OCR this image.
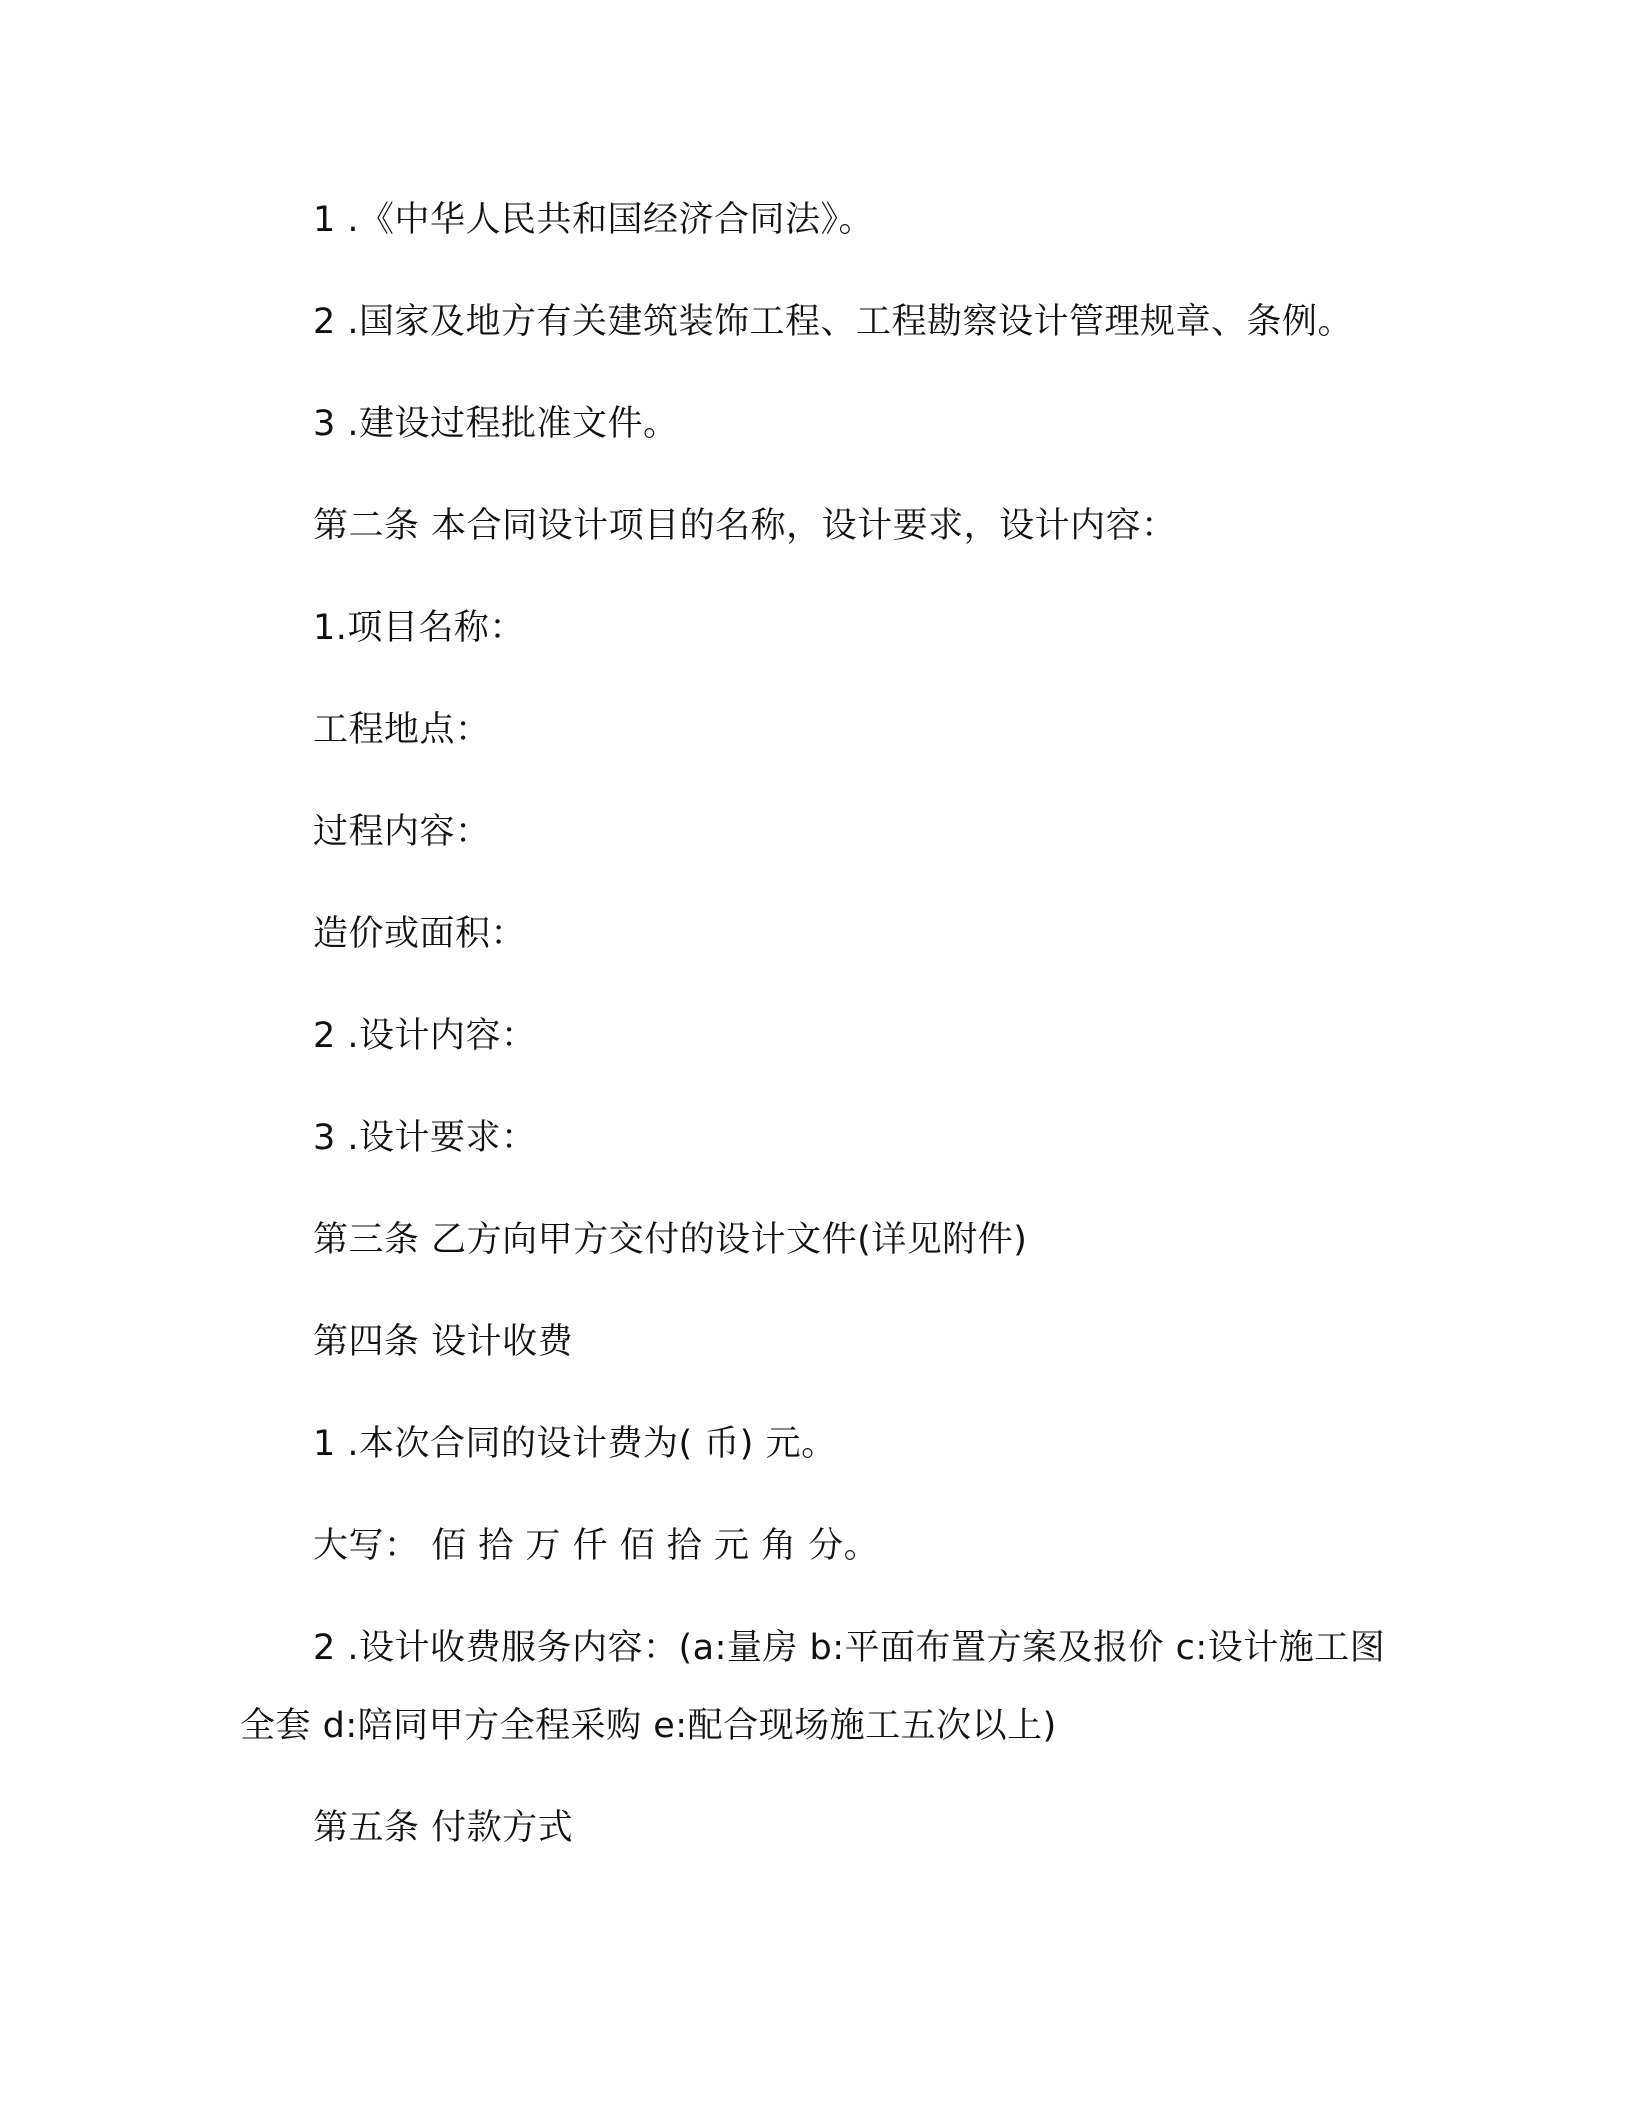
1 .《中华人民共和国经济合同法》。
2 .国家及地方有关建筑装饰工程、工程勘察设计管理规章、条例。
3 .建设过程批准文件。
第二条 本合同设计项目的名称，设计要求，设计内容：
1.项目名称：
工程地点：
过程内容：
造价或面积：
2 .设计内容：
3 .设计要求：
第三条 乙方向甲方交付的设计文件(详见附件)
第四条 设计收费
1 .本次合同的设计费为( 币) 元。
大写： 佰 拾 万 仟 佰 拾 元 角 分。
2 .设计收费服务内容：(a:量房 b:平面布置方案及报价 c:设计施工图全套 d:陪同甲方全程采购 e:配合现场施工五次以上)
第五条 付款方式
